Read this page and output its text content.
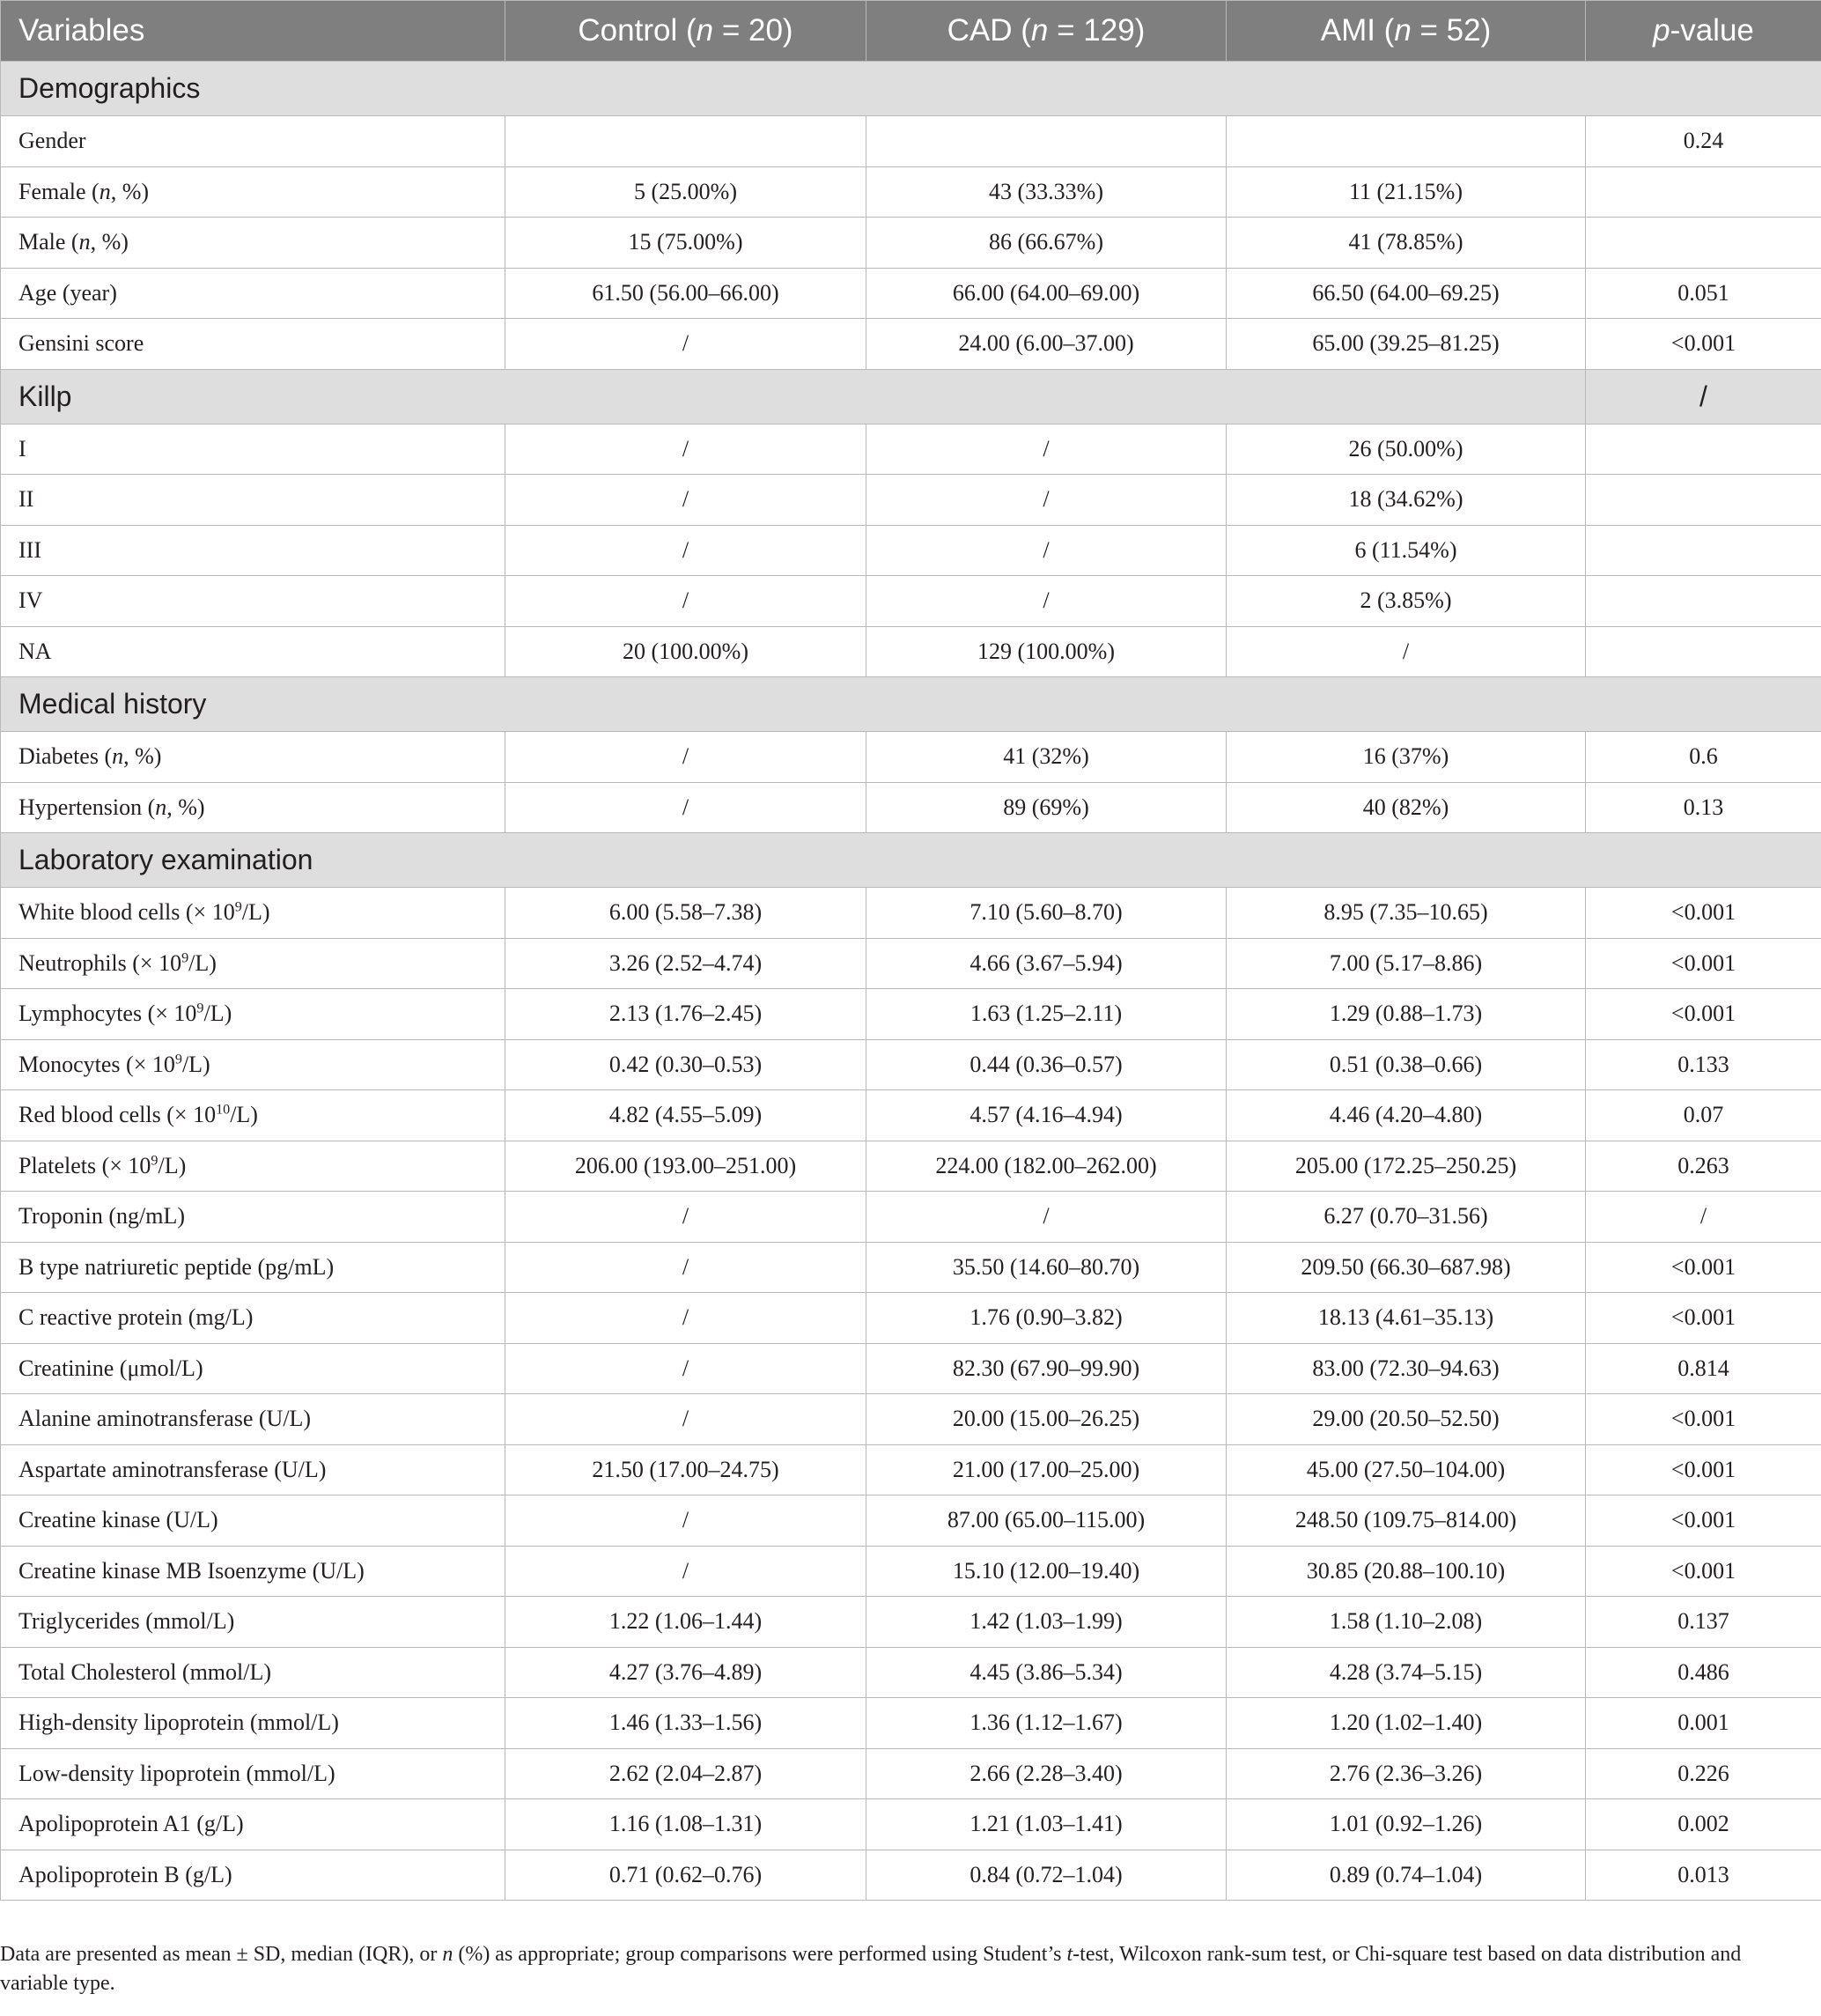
Variables	Control (n = 20)	CAD (n = 129)	AMI (n = 52)	p-value
Demographics				
Gender				0.24
Female (n, %)	5 (25.00%)	43 (33.33%)	11 (21.15%)	
Male (n, %)	15 (75.00%)	86 (66.67%)	41 (78.85%)	
Age (year)	61.50 (56.00–66.00)	66.00 (64.00–69.00)	66.50 (64.00–69.25)	0.051
Gensini score	/	24.00 (6.00–37.00)	65.00 (39.25–81.25)	<0.001
Killp				/
I	/	/	26 (50.00%)	
II	/	/	18 (34.62%)	
III	/	/	6 (11.54%)	
IV	/	/	2 (3.85%)	
NA	20 (100.00%)	129 (100.00%)	/	
Medical history				
Diabetes (n, %)	/	41 (32%)	16 (37%)	0.6
Hypertension (n, %)	/	89 (69%)	40 (82%)	0.13
Laboratory examination				
White blood cells (× $10^9/L$)	6.00 (5.58–7.38)	7.10 (5.60–8.70)	8.95 (7.35–10.65)	<0.001
Neutrophils (× $10^9/L$)	3.26 (2.52–4.74)	4.66 (3.67–5.94)	7.00 (5.17–8.86)	<0.001
Lymphocytes (× $10^9/L$)	2.13 (1.76–2.45)	1.63 (1.25–2.11)	1.29 (0.88–1.73)	<0.001
Monocytes (× $10^9/L$)	0.42 (0.30–0.53)	0.44 (0.36–0.57)	0.51 (0.38–0.66)	0.133
Red blood cells (× $10^{10}/L$)	4.82 (4.55–5.09)	4.57 (4.16–4.94)	4.46 (4.20–4.80)	0.07
Platelets (× $10^9/L$)	206.00 (193.00–251.00)	224.00 (182.00–262.00)	205.00 (172.25–250.25)	0.263
Troponin (ng/mL)	/	/	6.27 (0.70–31.56)	/
B type natriuretic peptide (pg/mL)	/	35.50 (14.60–80.70)	209.50 (66.30–687.98)	<0.001
C reactive protein (mg/L)	/	1.76 (0.90–3.82)	18.13 (4.61–35.13)	<0.001
Creatinine (μmol/L)	/	82.30 (67.90–99.90)	83.00 (72.30–94.63)	0.814
Alanine aminotransferase (U/L)	/	20.00 (15.00–26.25)	29.00 (20.50–52.50)	<0.001
Aspartate aminotransferase (U/L)	21.50 (17.00–24.75)	21.00 (17.00–25.00)	45.00 (27.50–104.00)	<0.001
Creatine kinase (U/L)	/	87.00 (65.00–115.00)	248.50 (109.75–814.00)	<0.001
Creatine kinase MB Isoenzyme (U/L)	/	15.10 (12.00–19.40)	30.85 (20.88–100.10)	<0.001
Triglycerides (mmol/L)	1.22 (1.06–1.44)	1.42 (1.03–1.99)	1.58 (1.10–2.08)	0.137
Total Cholesterol (mmol/L)	4.27 (3.76–4.89)	4.45 (3.86–5.34)	4.28 (3.74–5.15)	0.486
High-density lipoprotein (mmol/L)	1.46 (1.33–1.56)	1.36 (1.12–1.67)	1.20 (1.02–1.40)	0.001
Low-density lipoprotein (mmol/L)	2.62 (2.04–2.87)	2.66 (2.28–3.40)	2.76 (2.36–3.26)	0.226
Apolipoprotein A1 (g/L)	1.16 (1.08–1.31)	1.21 (1.03–1.41)	1.01 (0.92–1.26)	0.002
Apolipoprotein B (g/L)	0.71 (0.62–0.76)	0.84 (0.72–1.04)	0.89 (0.74–1.04)	0.013
Data are presented as mean ± SD, median (IQR), or n (%) as appropriate; group comparisons were performed using Student’s t-test, Wilcoxon rank-sum test, or Chi-square test based on data distribution and variable type.
